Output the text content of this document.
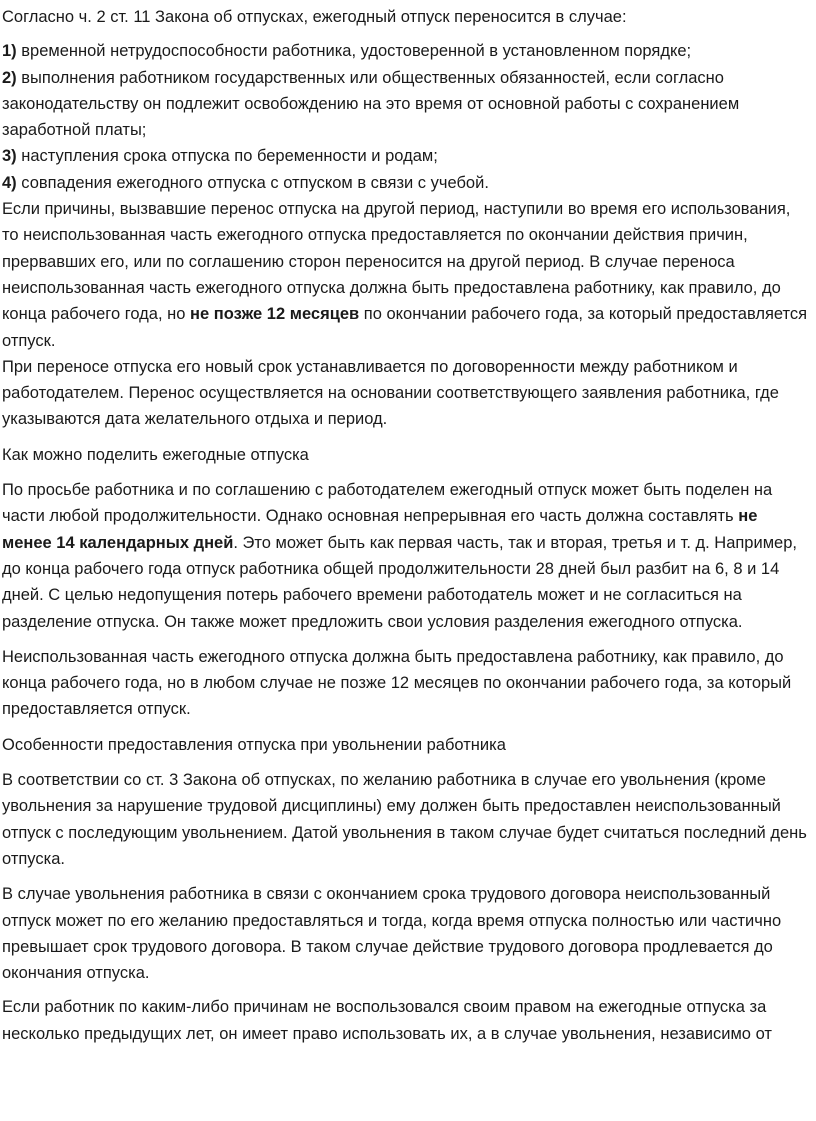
Согласно ч. 2 ст. 11 Закона об отпусках, ежегодный отпуск переносится в случае:

1) временной нетрудоспособности работника, удостоверенной в установленном порядке;

2) выполнения работником государственных или общественных обязанностей, если согласно законодательству он подлежит освобождению на это время от основной работы с сохранением заработной платы;

3) наступления срока отпуска по беременности и родам;

4) совпадения ежегодного отпуска с отпуском в связи с учебой.

Если причины, вызвавшие перенос отпуска на другой период, наступили во время его использования, то неиспользованная часть ежегодного отпуска предоставляется по окончании действия причин, прервавших его, или по соглашению сторон переносится на другой период. В случае переноса неиспользованная часть ежегодного отпуска должна быть предоставлена работнику, как правило, до конца рабочего года, но не позже 12 месяцев по окончании рабочего года, за который предоставляется отпуск.

При переносе отпуска его новый срок устанавливается по договоренности между работником и работодателем. Перенос осуществляется на основании соответствующего заявления работника, где указываются дата желательного отдыха и период.

Как можно поделить ежегодные отпуска

По просьбе работника и по соглашению с работодателем ежегодный отпуск может быть поделен на части любой продолжительности. Однако основная непрерывная его часть должна составлять не менее 14 календарных дней. Это может быть как первая часть, так и вторая, третья и т. д. Например, до конца рабочего года отпуск работника общей продолжительности 28 дней был разбит на 6, 8 и 14 дней. С целью недопущения потерь рабочего времени работодатель может и не согласиться на разделение отпуска. Он также может предложить свои условия разделения ежегодного отпуска.

Неиспользованная часть ежегодного отпуска должна быть предоставлена работнику, как правило, до конца рабочего года, но в любом случае не позже 12 месяцев по окончании рабочего года, за который предоставляется отпуск.

Особенности предоставления отпуска при увольнении работника

В соответствии со ст. 3 Закона об отпусках, по желанию работника в случае его увольнения (кроме увольнения за нарушение трудовой дисциплины) ему должен быть предоставлен неиспользованный отпуск с последующим увольнением. Датой увольнения в таком случае будет считаться последний день отпуска.

В случае увольнения работника в связи с окончанием срока трудового договора неиспользованный отпуск может по его желанию предоставляться и тогда, когда время отпуска полностью или частично превышает срок трудового договора. В таком случае действие трудового договора продлевается до окончания отпуска.

Если работник по каким-либо причинам не воспользовался своим правом на ежегодные отпуска за несколько предыдущих лет, он имеет право использовать их, а в случае увольнения, независимо от
